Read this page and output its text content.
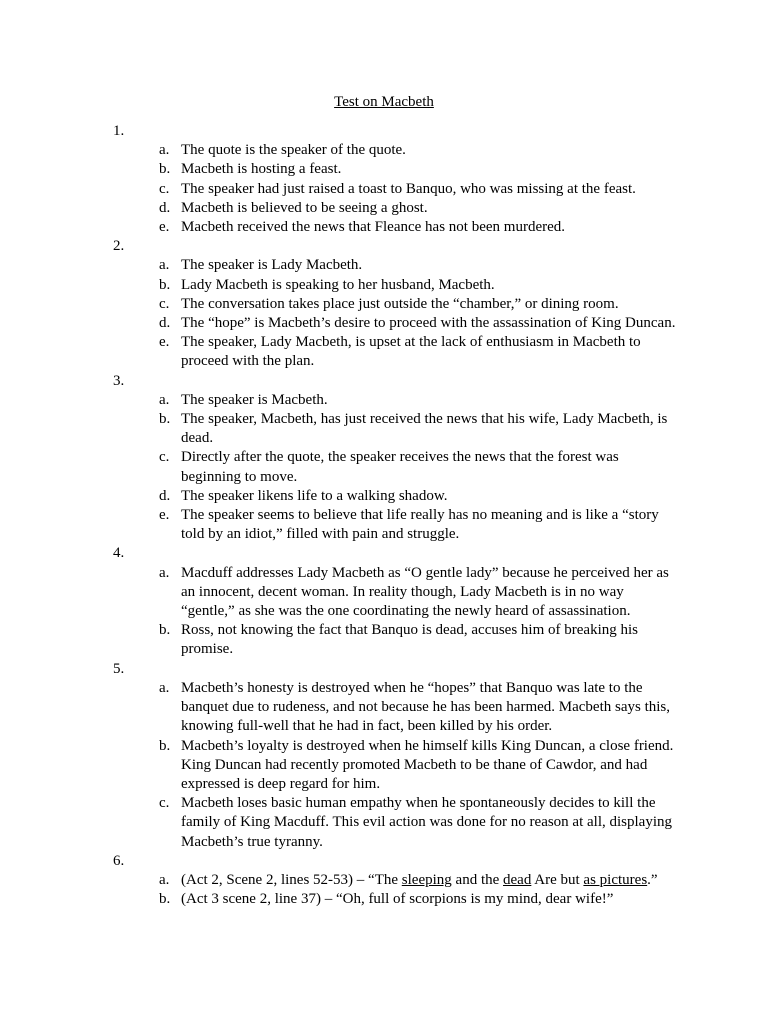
Test on Macbeth
1.
a. The quote is the speaker of the quote.
b. Macbeth is hosting a feast.
c. The speaker had just raised a toast to Banquo, who was missing at the feast.
d. Macbeth is believed to be seeing a ghost.
e. Macbeth received the news that Fleance has not been murdered.
2.
a. The speaker is Lady Macbeth.
b. Lady Macbeth is speaking to her husband, Macbeth.
c. The conversation takes place just outside the “chamber,” or dining room.
d. The “hope” is Macbeth’s desire to proceed with the assassination of King Duncan.
e. The speaker, Lady Macbeth, is upset at the lack of enthusiasm in Macbeth to proceed with the plan.
3.
a. The speaker is Macbeth.
b. The speaker, Macbeth, has just received the news that his wife, Lady Macbeth, is dead.
c. Directly after the quote, the speaker receives the news that the forest was beginning to move.
d. The speaker likens life to a walking shadow.
e. The speaker seems to believe that life really has no meaning and is like a “story told by an idiot,” filled with pain and struggle.
4.
a. Macduff addresses Lady Macbeth as “O gentle lady” because he perceived her as an innocent, decent woman. In reality though, Lady Macbeth is in no way “gentle,” as she was the one coordinating the newly heard of assassination.
b. Ross, not knowing the fact that Banquo is dead, accuses him of breaking his promise.
5.
a. Macbeth’s honesty is destroyed when he “hopes” that Banquo was late to the banquet due to rudeness, and not because he has been harmed. Macbeth says this, knowing full-well that he had in fact, been killed by his order.
b. Macbeth’s loyalty is destroyed when he himself kills King Duncan, a close friend. King Duncan had recently promoted Macbeth to be thane of Cawdor, and had expressed is deep regard for him.
c. Macbeth loses basic human empathy when he spontaneously decides to kill the family of King Macduff. This evil action was done for no reason at all, displaying Macbeth’s true tyranny.
6.
a. (Act 2, Scene 2, lines 52-53) – “The sleeping and the dead Are but as pictures.”
b. (Act 3 scene 2, line 37) – “Oh, full of scorpions is my mind, dear wife!”
